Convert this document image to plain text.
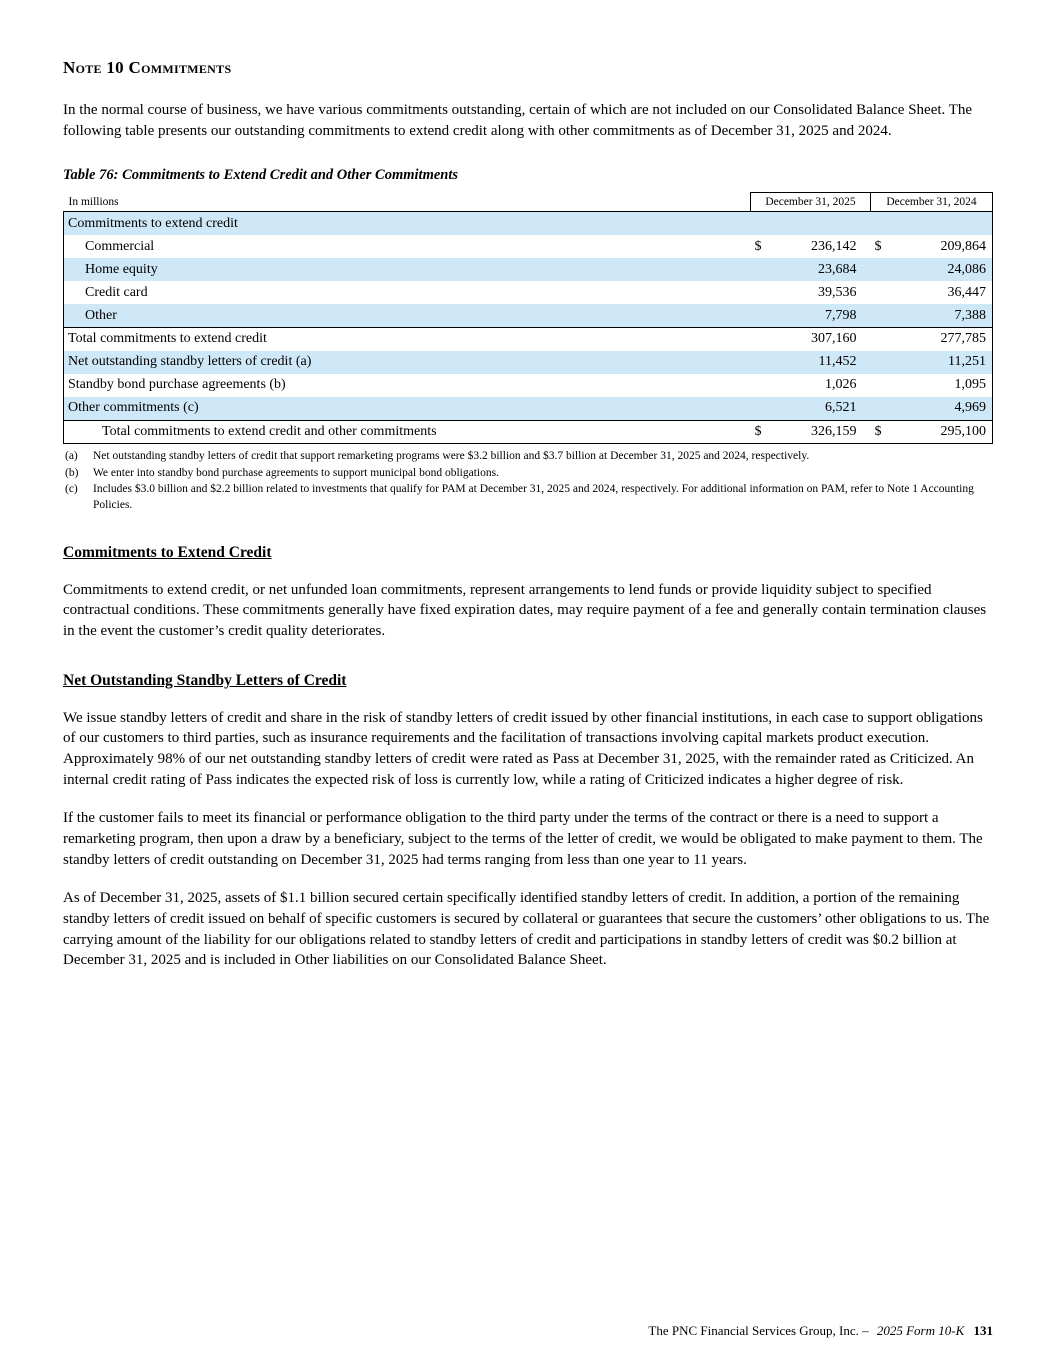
Note 10 Commitments

In the normal course of business, we have various commitments outstanding, certain of which are not included on our Consolidated Balance Sheet. The following table presents our outstanding commitments to extend credit along with other commitments as of December 31, 2025 and 2024.

Table 76: Commitments to Extend Credit and Other Commitments
In millions	December 31, 2025		December 31, 2024	
Commitments to extend credit				
Commercial	$	236,142	$	209,864
Home equity		23,684		24,086
Credit card		39,536		36,447
Other		7,798		7,388
Total commitments to extend credit		307,160		277,785
Net outstanding standby letters of credit (a)		11,452		11,251
Standby bond purchase agreements (b)		1,026		1,095
Other commitments (c)		6,521		4,969
Total commitments to extend credit and other commitments	$	326,159	$	295,100
(a)	Net outstanding standby letters of credit that support remarketing programs were $3.2 billion and $3.7 billion at December 31, 2025 and 2024, respectively.
(b)	We enter into standby bond purchase agreements to support municipal bond obligations.
(c)	Includes $3.0 billion and $2.2 billion related to investments that qualify for PAM at December 31, 2025 and 2024, respectively. For additional information on PAM, refer to Note 1 Accounting Policies.
Commitments to Extend Credit

Commitments to extend credit, or net unfunded loan commitments, represent arrangements to lend funds or provide liquidity subject to specified contractual conditions. These commitments generally have fixed expiration dates, may require payment of a fee and generally contain termination clauses in the event the customer’s credit quality deteriorates.

Net Outstanding Standby Letters of Credit

We issue standby letters of credit and share in the risk of standby letters of credit issued by other financial institutions, in each case to support obligations of our customers to third parties, such as insurance requirements and the facilitation of transactions involving capital markets product execution. Approximately 98% of our net outstanding standby letters of credit were rated as Pass at December 31, 2025, with the remainder rated as Criticized. An internal credit rating of Pass indicates the expected risk of loss is currently low, while a rating of Criticized indicates a higher degree of risk.

If the customer fails to meet its financial or performance obligation to the third party under the terms of the contract or there is a need to support a remarketing program, then upon a draw by a beneficiary, subject to the terms of the letter of credit, we would be obligated to make payment to them. The standby letters of credit outstanding on December 31, 2025 had terms ranging from less than one year to 11 years.

As of December 31, 2025, assets of $1.1 billion secured certain specifically identified standby letters of credit. In addition, a portion of the remaining standby letters of credit issued on behalf of specific customers is secured by collateral or guarantees that secure the customers’ other obligations to us. The carrying amount of the liability for our obligations related to standby letters of credit and participations in standby letters of credit was $0.2 billion at December 31, 2025 and is included in Other liabilities on our Consolidated Balance Sheet.

The PNC Financial Services Group, Inc. – 2025 Form 10-K 131
